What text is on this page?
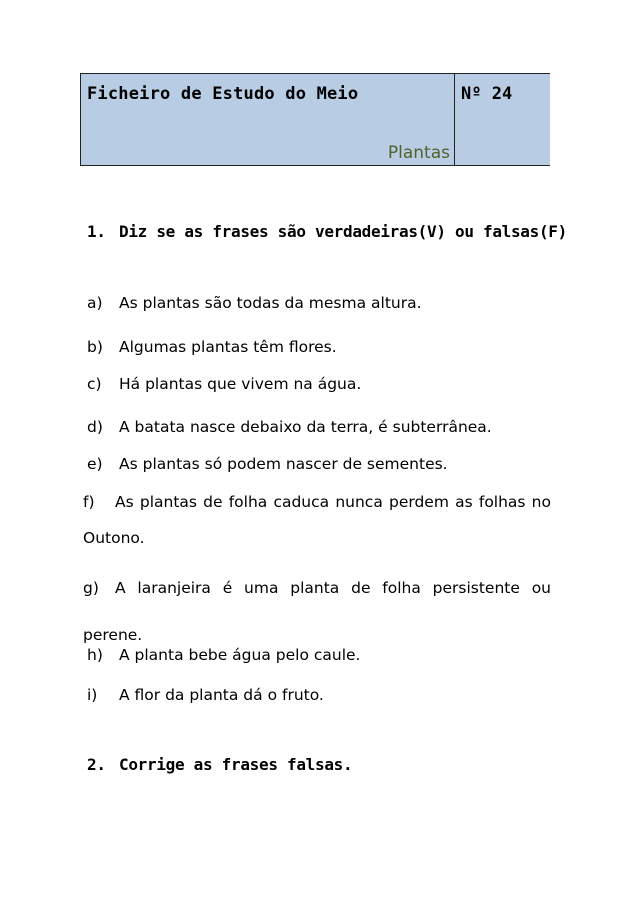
Ficheiro de Estudo do Meio
Plantas
Nº 24
1. Diz se as frases são verdadeiras(V) ou falsas(F)
a) As plantas são todas da mesma altura.
b) Algumas plantas têm flores.
c) Há plantas que vivem na água.
d) A batata nasce debaixo da terra, é subterrânea.
e) As plantas só podem nascer de sementes.
f) As plantas de folha caduca nunca perdem as folhas no Outono.
g) A laranjeira é uma planta de folha persistente ou perene.
h) A planta bebe água pelo caule.
i) A flor da planta dá o fruto.
2. Corrige as frases falsas.
